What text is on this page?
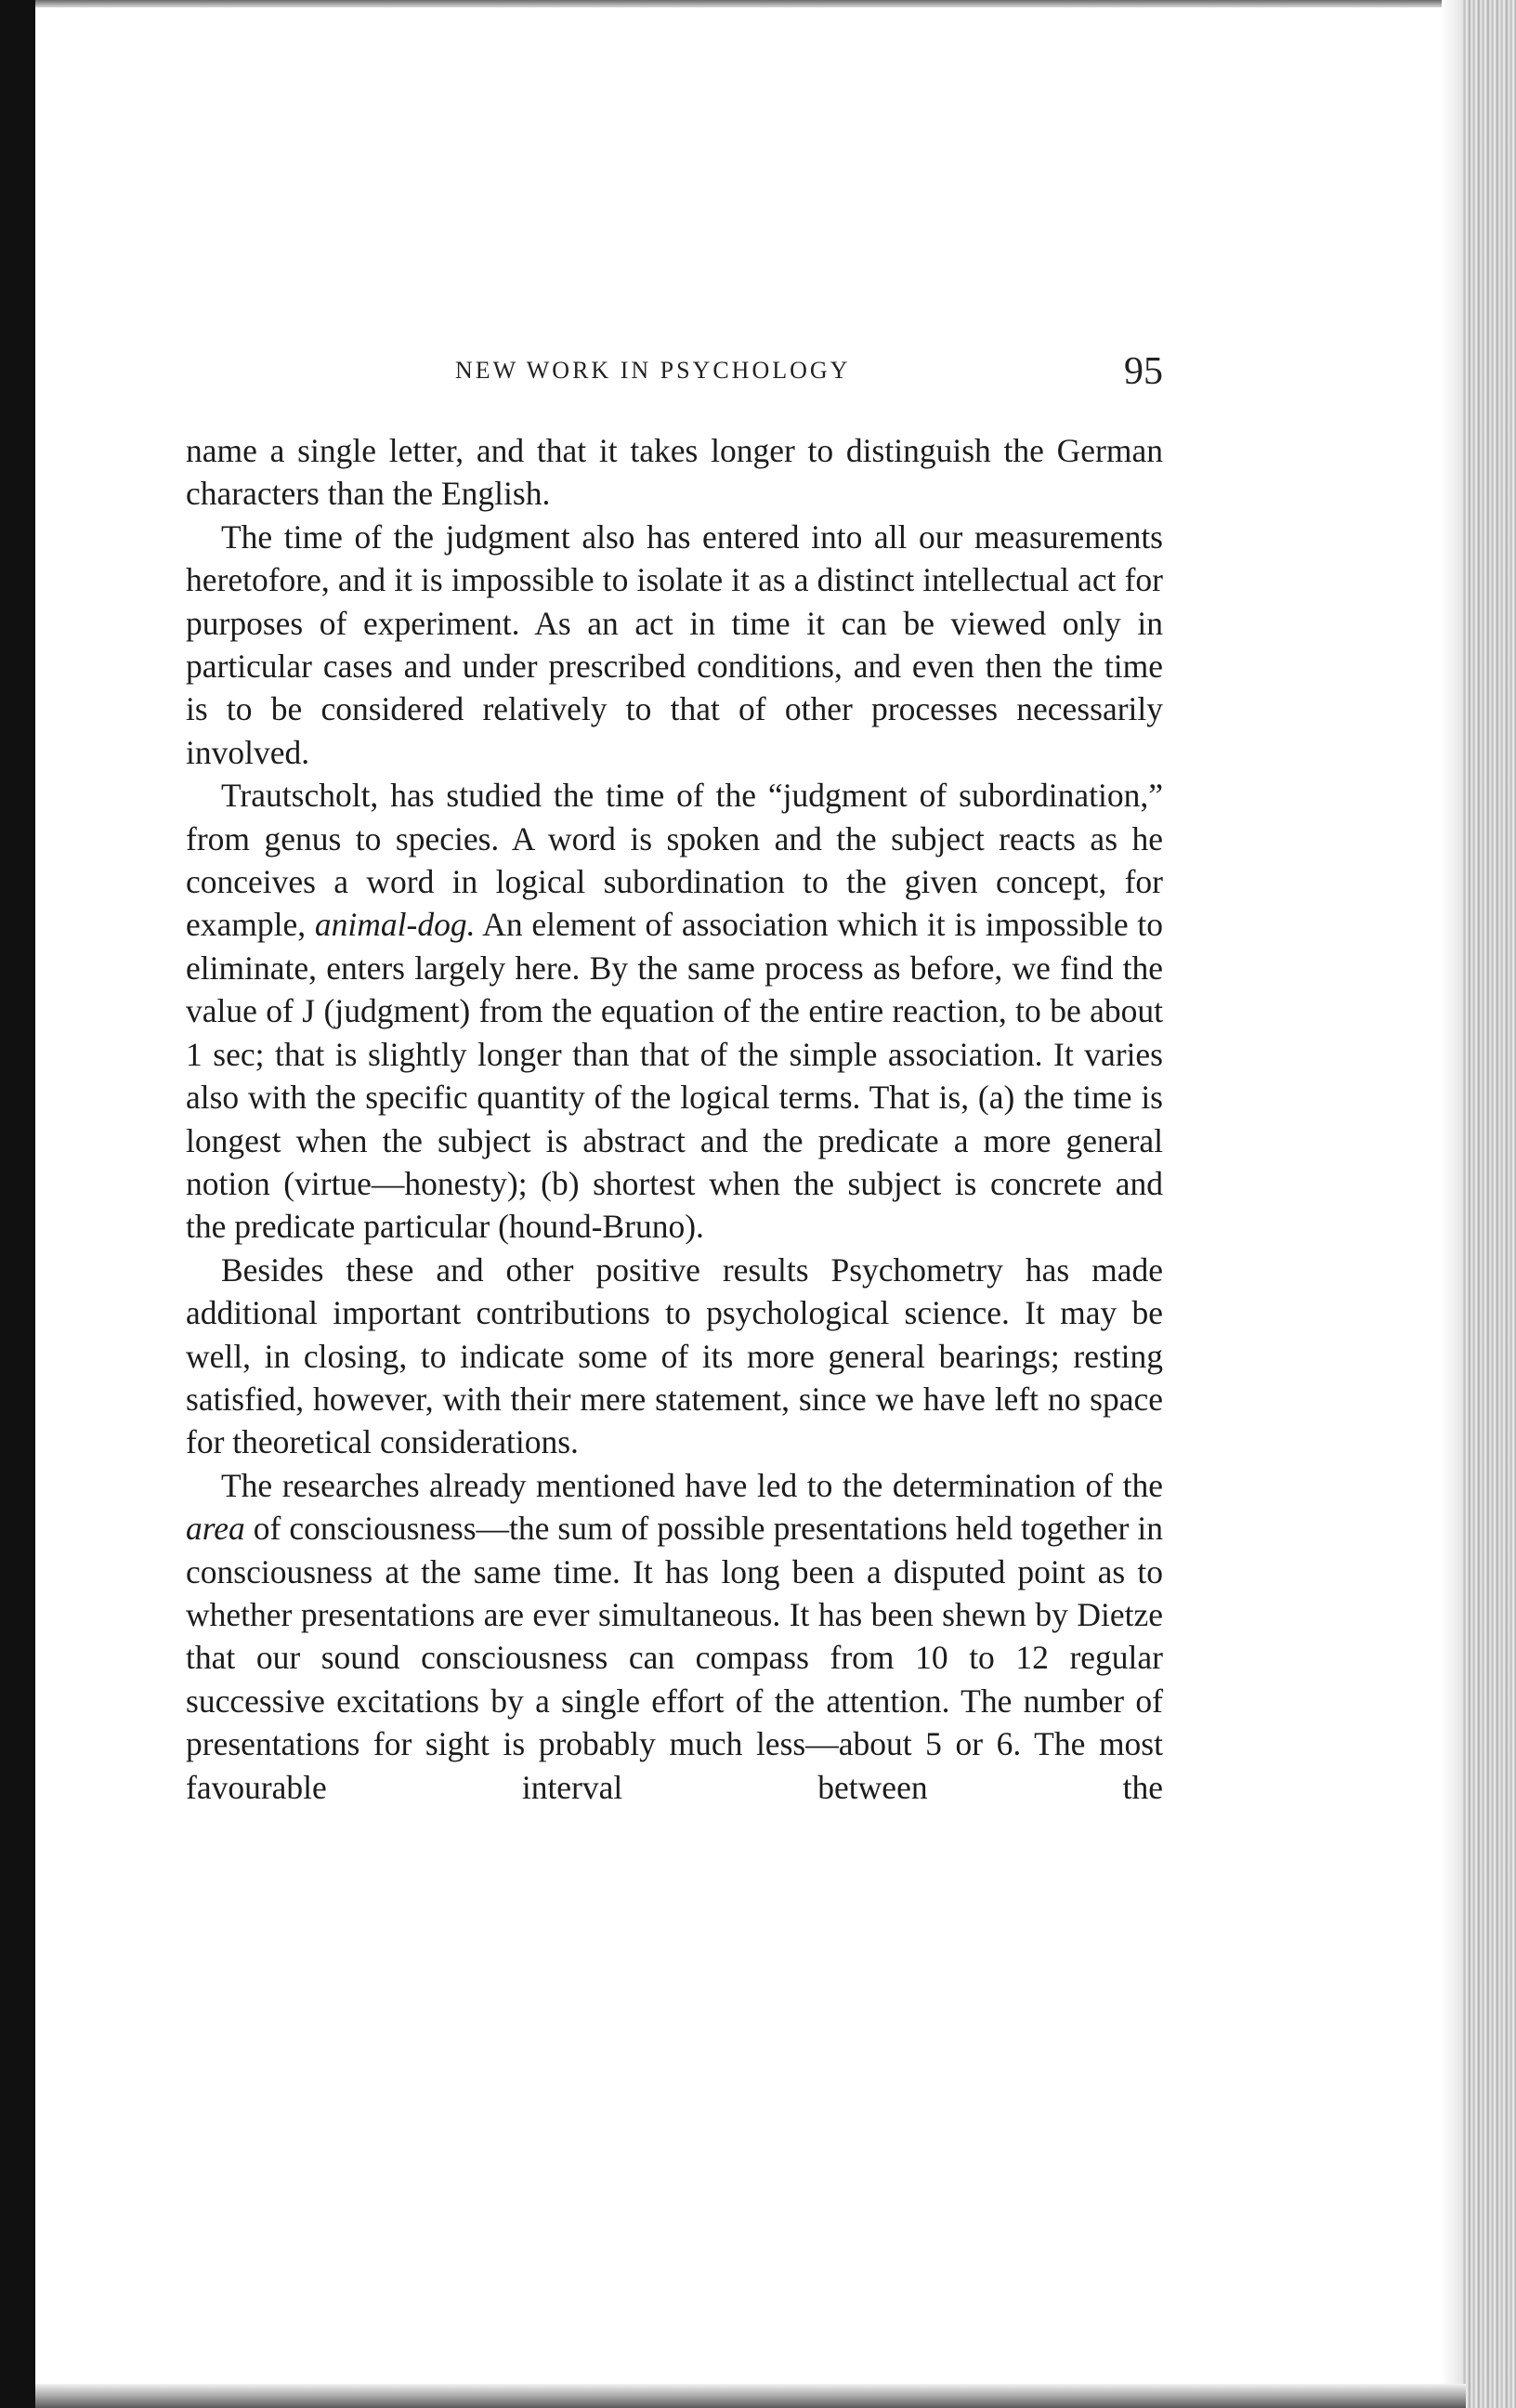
NEW WORK IN PSYCHOLOGY	95

name a single letter, and that it takes longer to distinguish the German characters than the English.

The time of the judgment also has entered into all our measurements heretofore, and it is impossible to isolate it as a distinct intellectual act for purposes of experiment. As an act in time it can be viewed only in particular cases and under prescribed conditions, and even then the time is to be considered relatively to that of other processes necessarily involved.

Trautscholt, has studied the time of the “judgment of subordination,” from genus to species. A word is spoken and the subject reacts as he conceives a word in logical subordination to the given concept, for example, animal-dog. An element of association which it is impossible to eliminate, enters largely here. By the same process as before, we find the value of J (judgment) from the equation of the entire reaction, to be about 1 sec; that is slightly longer than that of the simple association. It varies also with the specific quantity of the logical terms. That is, (a) the time is longest when the subject is abstract and the predicate a more general notion (virtue—honesty); (b) shortest when the subject is concrete and the predicate particular (hound-Bruno).

Besides these and other positive results Psychometry has made additional important contributions to psychological science. It may be well, in closing, to indicate some of its more general bearings; resting satisfied, however, with their mere statement, since we have left no space for theoretical considerations.

The researches already mentioned have led to the determination of the area of consciousness—the sum of possible presentations held together in consciousness at the same time. It has long been a disputed point as to whether presentations are ever simultaneous. It has been shewn by Dietze that our sound consciousness can compass from 10 to 12 regular successive excitations by a single effort of the attention. The number of presentations for sight is probably much less—about 5 or 6. The most favourable interval between the
